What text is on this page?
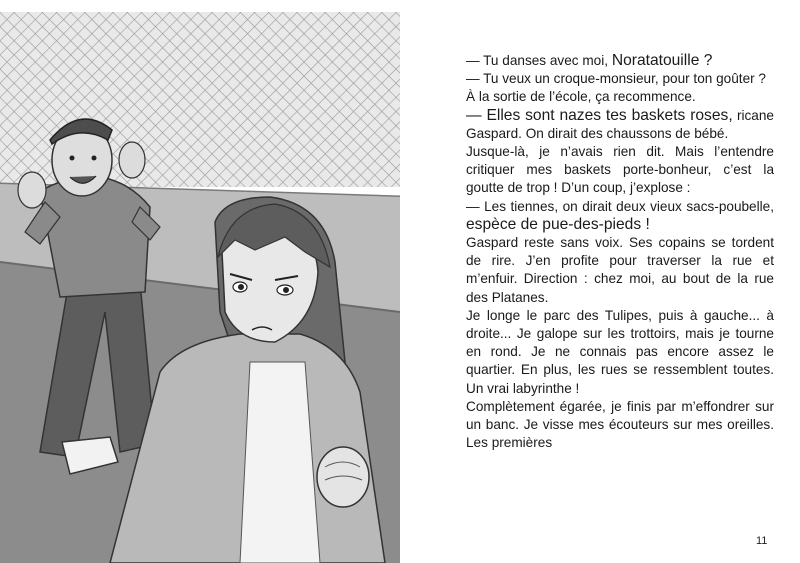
— Tu danses avec moi, Noratatouille ?

— Tu veux un croque-monsieur, pour ton goûter ?

À la sortie de l’école, ça recommence.

— Elles sont nazes tes baskets roses, ricane Gaspard. On dirait des chaussons de bébé.

Jusque-là, je n’avais rien dit. Mais l’entendre critiquer mes baskets porte-bonheur, c’est la goutte de trop ! D’un coup, j’explose :

— Les tiennes, on dirait deux vieux sacs-poubelle, espèce de pue-des-pieds !

Gaspard reste sans voix. Ses copains se tordent de rire. J’en profite pour traverser la rue et m’enfuir. Direction : chez moi, au bout de la rue des Platanes.

Je longe le parc des Tulipes, puis à gauche... à droite... Je galope sur les trottoirs, mais je tourne en rond. Je ne connais pas encore assez le quartier. En plus, les rues se ressemblent toutes. Un vrai labyrinthe !

Complètement égarée, je finis par m’effondrer sur un banc. Je visse mes écouteurs sur mes oreilles. Les premières

11
